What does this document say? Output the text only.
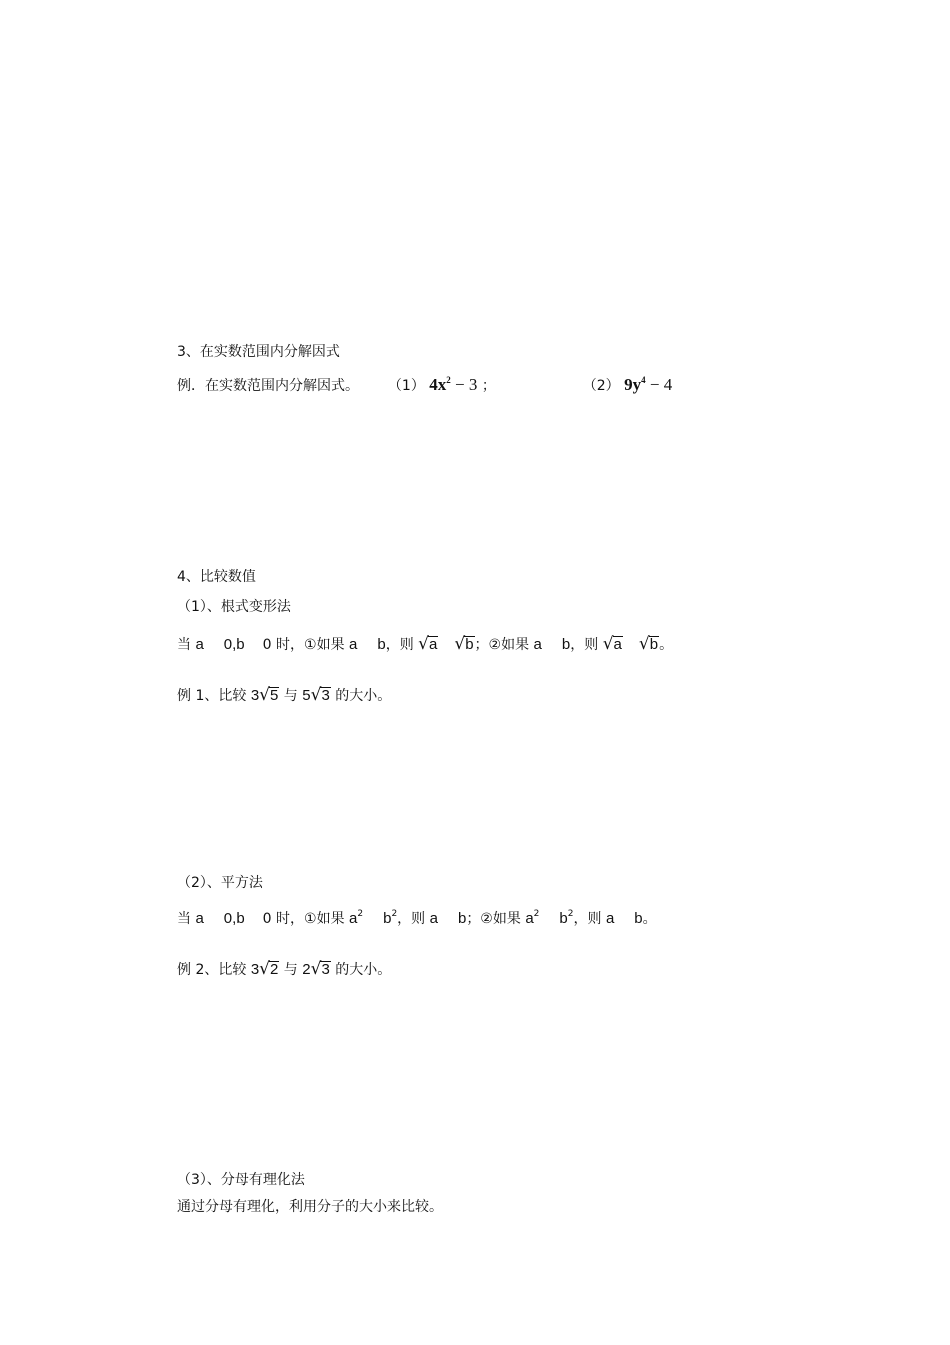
3、在实数范围内分解因式
例．在实数范围内分解因式。 （1） $4x^2 - 3$ ；	（2） $9y^4 - 4$
4、比较数值
（1）、根式变形法
当 a 0,b 0 时，①如果 a b，则 √a √b；②如果 a b，则 √a √b。
例 1、比较 3√5 与 5√3 的大小。
（2）、平方法
当 a 0,b 0 时，①如果 $a^2$ $b^2$，则 a b；②如果 $a^2$ $b^2$，则 a b。
例 2、比较 3√2 与 2√3 的大小。
（3）、分母有理化法
通过分母有理化，利用分子的大小来比较。
